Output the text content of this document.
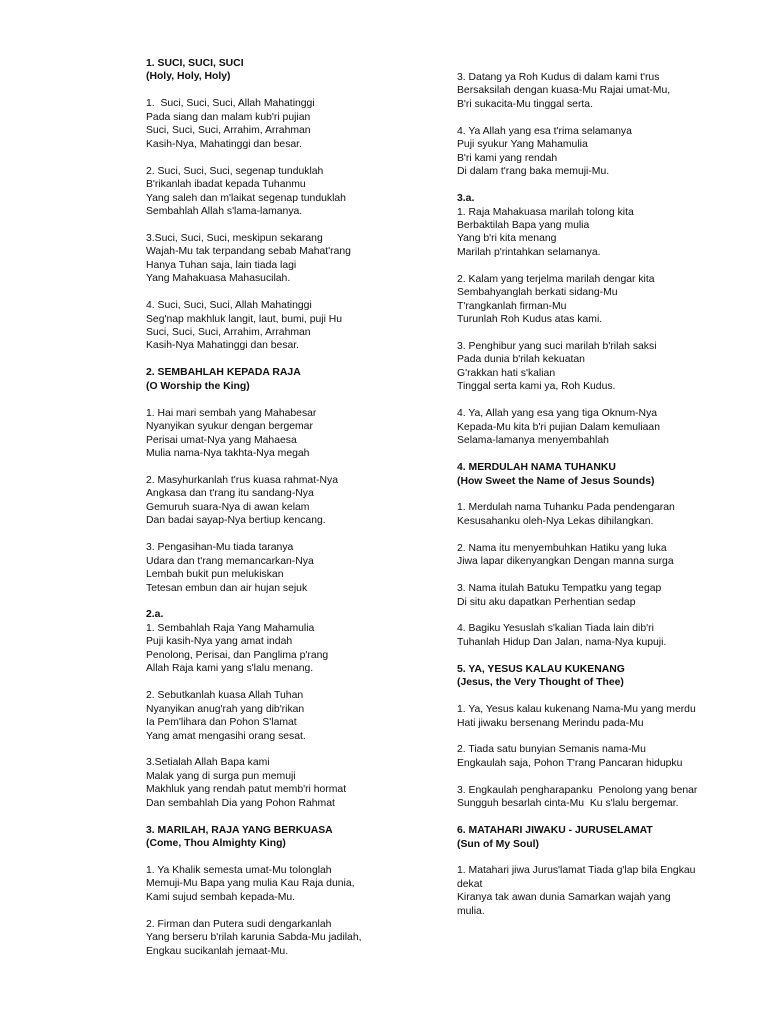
1. SUCI, SUCI, SUCI
(Holy, Holy, Holy)
1.  Suci, Suci, Suci, Allah Mahatinggi
Pada siang dan malam kub'ri pujian
Suci, Suci, Suci, Arrahim, Arrahman
Kasih-Nya, Mahatinggi dan besar.
2. Suci, Suci, Suci, segenap tunduklah
B'rikanlah ibadat kepada Tuhanmu
Yang saleh dan m'laikat segenap tunduklah
Sembahlah Allah s'lama-lamanya.
3.Suci, Suci, Suci, meskipun sekarang
Wajah-Mu tak terpandang sebab Mahat'rang
Hanya Tuhan saja, lain tiada lagi
Yang Mahakuasa Mahasucilah.
4. Suci, Suci, Suci, Allah Mahatinggi
Seg'nap makhluk langit, laut, bumi, puji Hu
Suci, Suci, Suci, Arrahim, Arrahman
Kasih-Nya Mahatinggi dan besar.
2. SEMBAHLAH KEPADA RAJA
(O Worship the King)
1. Hai mari sembah yang Mahabesar
Nyanyikan syukur dengan bergemar
Perisai umat-Nya yang Mahaesa
Mulia nama-Nya takhta-Nya megah
2. Masyhurkanlah t'rus kuasa rahmat-Nya
Angkasa dan t'rang itu sandang-Nya
Gemuruh suara-Nya di awan kelam
Dan badai sayap-Nya bertiup kencang.
3. Pengasihan-Mu tiada taranya
Udara dan t'rang memancarkan-Nya
Lembah bukit pun melukiskan
Tetesan embun dan air hujan sejuk
2.a.
1. Sembahlah Raja Yang Mahamulia
Puji kasih-Nya yang amat indah
Penolong, Perisai, dan Panglima p'rang
Allah Raja kami yang s'lalu menang.
2. Sebutkanlah kuasa Allah Tuhan
Nyanyikan anug'rah yang dib'rikan
Ia Pem'lihara dan Pohon S'lamat
Yang amat mengasihi orang sesat.
3.Setialah Allah Bapa kami
Malak yang di surga pun memuji
Makhluk yang rendah patut memb'ri hormat
Dan sembahlah Dia yang Pohon Rahmat
3. MARILAH, RAJA YANG BERKUASA
(Come, Thou Almighty King)
1. Ya Khalik semesta umat-Mu tolonglah
Memuji-Mu Bapa yang mulia Kau Raja dunia,
Kami sujud sembah kepada-Mu.
2. Firman dan Putera sudi dengarkanlah
Yang berseru b'rilah karunia Sabda-Mu jadilah,
Engkau sucikanlah jemaat-Mu.
3. Datang ya Roh Kudus di dalam kami t'rus
Bersaksilah dengan kuasa-Mu Rajai umat-Mu,
B'ri sukacita-Mu tinggal serta.
4. Ya Allah yang esa t'rima selamanya
Puji syukur Yang Mahamulia
B'ri kami yang rendah
Di dalam t'rang baka memuji-Mu.
3.a.
1. Raja Mahakuasa marilah tolong kita
Berbaktilah Bapa yang mulia
Yang b'ri kita menang
Marilah p'rintahkan selamanya.
2. Kalam yang terjelma marilah dengar kita
Sembahyanglah berkati sidang-Mu
T'rangkanlah firman-Mu
Turunlah Roh Kudus atas kami.
3. Penghibur yang suci marilah b'rilah saksi
Pada dunia b'rilah kekuatan
G'rakkan hati s'kalian
Tinggal serta kami ya, Roh Kudus.
4. Ya, Allah yang esa yang tiga Oknum-Nya
Kepada-Mu kita b'ri pujian Dalam kemuliaan
Selama-lamanya menyembahlah
4. MERDULAH NAMA TUHANKU
(How Sweet the Name of Jesus Sounds)
1. Merdulah nama Tuhanku Pada pendengaran
Kesusahanku oleh-Nya Lekas dihilangkan.
2. Nama itu menyembuhkan Hatiku yang luka
Jiwa lapar dikenyangkan Dengan manna surga
3. Nama itulah Batuku Tempatku yang tegap
Di situ aku dapatkan Perhentian sedap
4. Bagiku Yesuslah s'kalian Tiada lain dib'ri
Tuhanlah Hidup Dan Jalan, nama-Nya kupuji.
5. YA, YESUS KALAU KUKENANG
(Jesus, the Very Thought of Thee)
1. Ya, Yesus kalau kukenang Nama-Mu yang merdu
Hati jiwaku bersenang Merindu pada-Mu
2. Tiada satu bunyian Semanis nama-Mu
Engkaulah saja, Pohon T'rang Pancaran hidupku
3. Engkaulah pengharapanku  Penolong yang benar
Sungguh besarlah cinta-Mu  Ku s'lalu bergemar.
6. MATAHARI JIWAKU - JURUSELAMAT
(Sun of My Soul)
1. Matahari jiwa Jurus'lamat Tiada g'lap bila Engkau
dekat
Kiranya tak awan dunia Samarkan wajah yang
mulia.
